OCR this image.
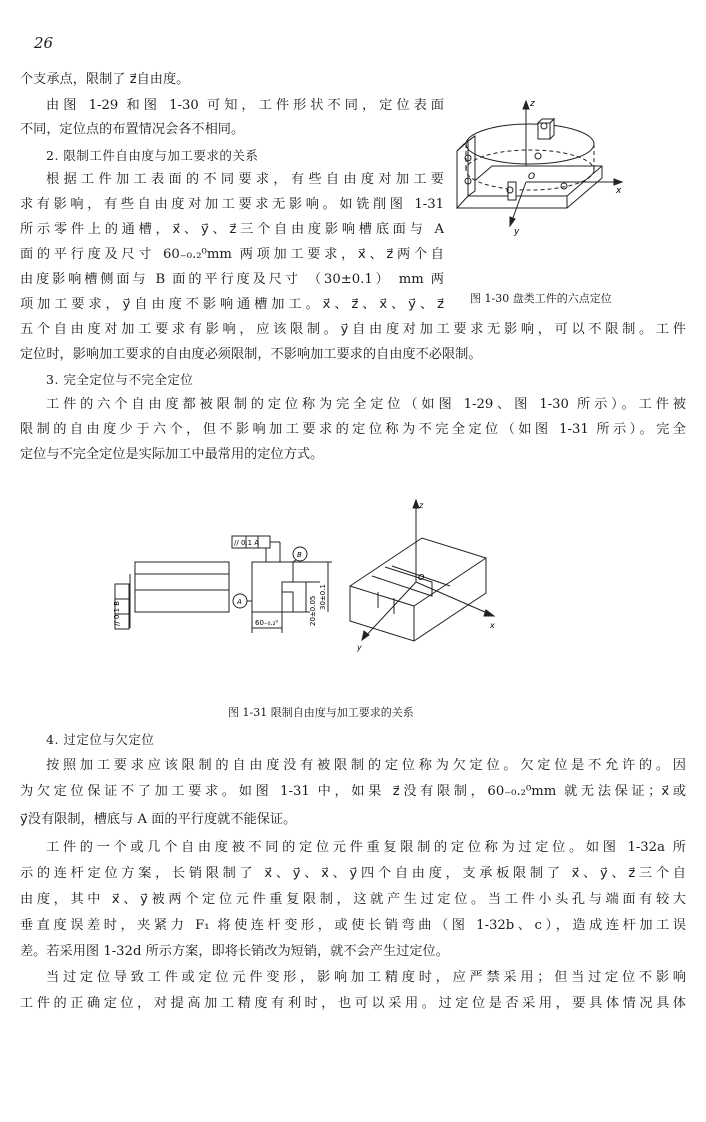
26
个支承点，限制了 z⃗自由度。
由图 1-29 和图 1-30 可知，工件形状不同，定位表面
不同，定位点的布置情况会各不相同。
2. 限制工件自由度与加工要求的关系
根据工件加工表面的不同要求，有些自由度对加工要
求有影响，有些自由度对加工要求无影响。如铣削图 1-31
所示零件上的通槽，x⃗、y⃗、z⃗三个自由度影响槽底面与 A
面的平行度及尺寸 60₋₀.₂⁰mm 两项加工要求，x⃗、z⃗两个自
由度影响槽侧面与 B 面的平行度及尺寸 （30±0.1） mm 两
项加工要求，y⃗自由度不影响通槽加工。x⃗、z⃗、x⃗、y⃗、z⃗
五个自由度对加工要求有影响，应该限制。y⃗自由度对加工要求无影响，可以不限制。工件
定位时，影响加工要求的自由度必须限制，不影响加工要求的自由度不必限制。
3. 完全定位与不完全定位
工件的六个自由度都被限制的定位称为完全定位（如图 1-29、图 1-30 所示）。工件被
限制的自由度少于六个，但不影响加工要求的定位称为不完全定位（如图 1-31 所示）。完全
定位与不完全定位是实际加工中最常用的定位方式。
z
x
y
O
图 1-30 盘类工件的六点定位
// 0.1 B
// 0.1 A
B
A
60₋₀.₂⁰	20±0.05 30±0.1
z
x
y
O
图 1-31 限制自由度与加工要求的关系
4. 过定位与欠定位
按照加工要求应该限制的自由度没有被限制的定位称为欠定位。欠定位是不允许的。因
为欠定位保证不了加工要求。如图 1-31 中，如果 z⃗没有限制，60₋₀.₂⁰mm 就无法保证；x⃗或
y⃗没有限制，槽底与 A 面的平行度就不能保证。
工件的一个或几个自由度被不同的定位元件重复限制的定位称为过定位。如图 1-32a 所
示的连杆定位方案，长销限制了 x⃗、y⃗、x⃗、y⃗四个自由度，支承板限制了 x⃗、y⃗、z⃗三个自
由度，其中 x⃗、y⃗被两个定位元件重复限制，这就产生过定位。当工件小头孔与端面有较大
垂直度误差时，夹紧力 F₁ 将使连杆变形，或使长销弯曲（图 1-32b、c），造成连杆加工误
差。若采用图 1-32d 所示方案，即将长销改为短销，就不会产生过定位。
当过定位导致工件或定位元件变形，影响加工精度时，应严禁采用；但当过定位不影响
工件的正确定位，对提高加工精度有利时，也可以采用。过定位是否采用，要具体情况具体
